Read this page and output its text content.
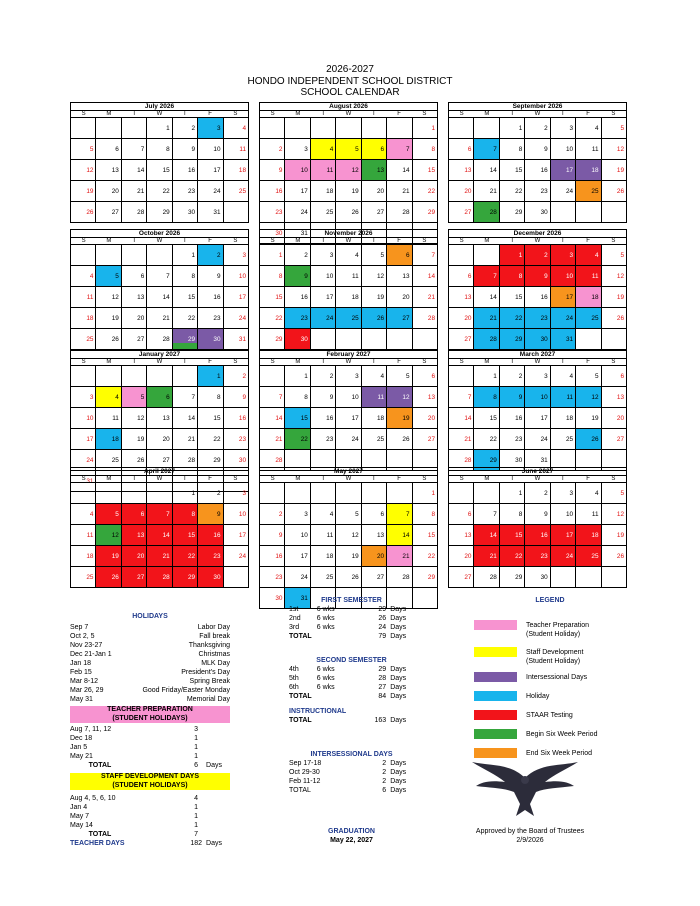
2026-2027
HONDO INDEPENDENT SCHOOL DISTRICT
SCHOOL CALENDAR
July 2026
S	M	T	W	T	F	S
			1	2	3	4
5	6	7	8	9	10	11
12	13	14	15	16	17	18
19	20	21	22	23	24	25
26	27	28	29	30	31	
August 2026
S	M	T	W	T	F	S
						1
2	3	4	5	6	7	8
9	10	11	12	13	14	15
16	17	18	19	20	21	22
23	24	25	26	27	28	29
30	31					
September 2026
S	M	T	W	T	F	S
		1	2	3	4	5
6	7	8	9	10	11	12
13	14	15	16	17	18	19
20	21	22	23	24	25	26
27	28	29	30			
October 2026
S	M	T	W	T	F	S
				1	2	3
4	5	6	7	8	9	10
11	12	13	14	15	16	17
18	19	20	21	22	23	24
25	26	27	28	29	30	31
November 2026
S	M	T	W	T	F	S
1	2	3	4	5	6	7
8	9	10	11	12	13	14
15	16	17	18	19	20	21
22	23	24	25	26	27	28
29	30					
December 2026
S	M	T	W	T	F	S
		1	2	3	4	5
6	7	8	9	10	11	12
13	14	15	16	17	18	19
20	21	22	23	24	25	26
27	28	29	30	31		
January 2027
S	M	T	W	T	F	S
					1	2
3	4	5	6	7	8	9
10	11	12	13	14	15	16
17	18	19	20	21	22	23
24	25	26	27	28	29	30
31						
February 2027
S	M	T	W	T	F	S
	1	2	3	4	5	6
7	8	9	10	11	12	13
14	15	16	17	18	19	20
21	22	23	24	25	26	27
28						
March 2027
S	M	T	W	T	F	S
	1	2	3	4	5	6
7	8	9	10	11	12	13
14	15	16	17	18	19	20
21	22	23	24	25	26	27
28	29	30	31			
April 2027
S	M	T	W	T	F	S
				1	2	3
4	5	6	7	8	9	10
11	12	13	14	15	16	17
18	19	20	21	22	23	24
25	26	27	28	29	30	
May 2027
S	M	T	W	T	F	S
						1
2	3	4	5	6	7	8
9	10	11	12	13	14	15
16	17	18	19	20	21	22
23	24	25	26	27	28	29
30	31					
June 2027
S	M	T	W	T	F	S
		1	2	3	4	5
6	7	8	9	10	11	12
13	14	15	16	17	18	19
20	21	22	23	24	25	26
27	28	29	30			
HOLIDAYS
Sep 7	Labor Day
Oct 2, 5	Fall break
Nov 23-27	Thanksgiving
Dec 21-Jan 1	Christmas
Jan 18	MLK Day
Feb 15	President's Day
Mar 8-12	Spring Break
Mar 26, 29	Good Friday/Easter Monday
May 31	Memorial Day
TEACHER PREPARATION
(STUDENT HOLIDAYS)
Aug 7, 11, 12	3
Dec 18	1
Jan 5	1
May 21	1
TOTAL	6	Days
STAFF DEVELOPMENT DAYS
(STUDENT HOLIDAYS)
Aug 4, 5, 6, 10	4
Jan 4	1
May 7	1
May 14	1
TOTAL	7
TEACHER DAYS	182 Days
FIRST SEMESTER
1st	6 wks	29 Days
2nd	6 wks	26 Days
3rd	6 wks	24 Days
TOTAL	79 Days
SECOND SEMESTER
4th	6 wks	29 Days
5th	6 wks	28 Days
6th	6 wks	27 Days
TOTAL	84 Days
INSTRUCTIONAL
TOTAL	163 Days
INTERSESSIONAL DAYS
Sep 17-18	2 Days
Oct 29-30	2 Days
Feb 11-12	2 Days
TOTAL	6 Days
GRADUATION
May 22, 2027
LEGEND
Teacher Preparation
(Student Holiday)
Staff Development
(Student Holiday)
Intersessional Days
Holiday
STAAR Testing
Begin Six Week Period
End Six Week Period
Approved by the Board of Trustees
2/9/2026
